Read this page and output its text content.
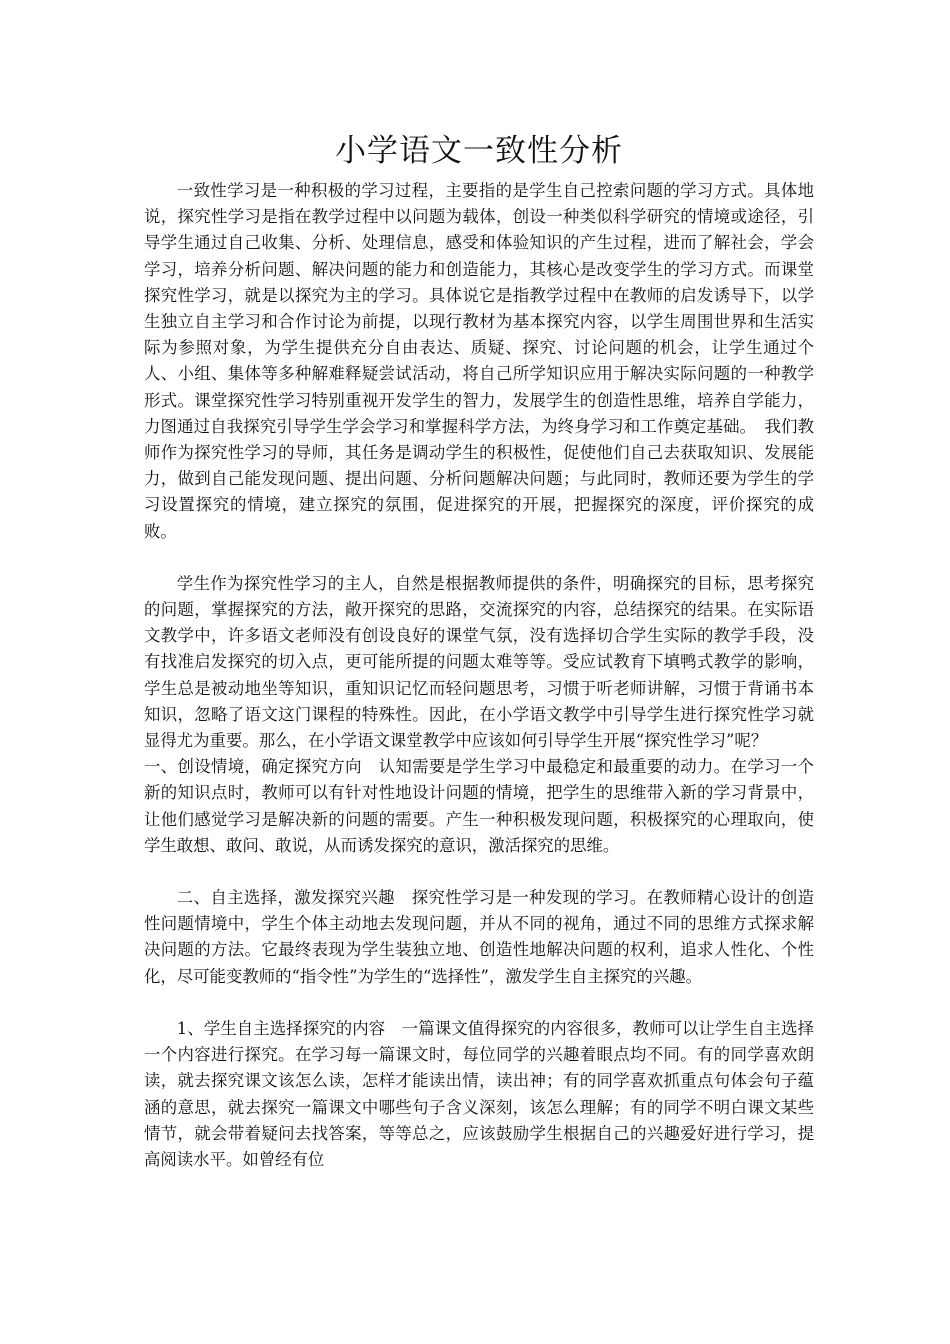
小学语文一致性分析

一致性学习是一种积极的学习过程，主要指的是学生自己控索问题的学习方式。具体地说，探究性学习是指在教学过程中以问题为载体，创设一种类似科学研究的情境或途径，引导学生通过自己收集、分析、处理信息，感受和体验知识的产生过程，进而了解社会，学会学习，培养分析问题、解决问题的能力和创造能力，其核心是改变学生的学习方式。而课堂探究性学习，就是以探究为主的学习。具体说它是指教学过程中在教师的启发诱导下，以学生独立自主学习和合作讨论为前提，以现行教材为基本探究内容，以学生周围世界和生活实际为参照对象，为学生提供充分自由表达、质疑、探究、讨论问题的机会，让学生通过个人、小组、集体等多种解难释疑尝试活动，将自己所学知识应用于解决实际问题的一种教学形式。课堂探究性学习特别重视开发学生的智力，发展学生的创造性思维，培养自学能力，力图通过自我探究引导学生学会学习和掌握科学方法，为终身学习和工作奠定基础。　我们教师作为探究性学习的导师，其任务是调动学生的积极性，促使他们自己去获取知识、发展能力，做到自己能发现问题、提出问题、分析问题解决问题；与此同时，教师还要为学生的学习设置探究的情境，建立探究的氛围，促进探究的开展，把握探究的深度，评价探究的成败。

学生作为探究性学习的主人，自然是根据教师提供的条件，明确探究的目标，思考探究的问题，掌握探究的方法，敞开探究的思路，交流探究的内容，总结探究的结果。在实际语文教学中，许多语文老师没有创设良好的课堂气氛，没有选择切合学生实际的教学手段，没有找准启发探究的切入点，更可能所提的问题太难等等。受应试教育下填鸭式教学的影响，学生总是被动地坐等知识，重知识记忆而轻问题思考，习惯于听老师讲解，习惯于背诵书本知识，忽略了语文这门课程的特殊性。因此，在小学语文教学中引导学生进行探究性学习就显得尤为重要。那么，在小学语文课堂教学中应该如何引导学生开展“探究性学习”呢？

一、创设情境，确定探究方向　认知需要是学生学习中最稳定和最重要的动力。在学习一个新的知识点时，教师可以有针对性地设计问题的情境，把学生的思维带入新的学习背景中，让他们感觉学习是解决新的问题的需要。产生一种积极发现问题，积极探究的心理取向，使学生敢想、敢问、敢说，从而诱发探究的意识，激活探究的思维。

二、自主选择，激发探究兴趣　探究性学习是一种发现的学习。在教师精心设计的创造性问题情境中，学生个体主动地去发现问题，并从不同的视角，通过不同的思维方式探求解决问题的方法。它最终表现为学生装独立地、创造性地解决问题的权利，追求人性化、个性化，尽可能变教师的“指令性”为学生的“选择性”，激发学生自主探究的兴趣。

1、学生自主选择探究的内容　一篇课文值得探究的内容很多，教师可以让学生自主选择一个内容进行探究。在学习每一篇课文时，每位同学的兴趣着眼点均不同。有的同学喜欢朗读，就去探究课文该怎么读，怎样才能读出情，读出神；有的同学喜欢抓重点句体会句子蕴涵的意思，就去探究一篇课文中哪些句子含义深刻，该怎么理解；有的同学不明白课文某些情节，就会带着疑问去找答案，等等总之，应该鼓励学生根据自己的兴趣爱好进行学习，提高阅读水平。如曾经有位
